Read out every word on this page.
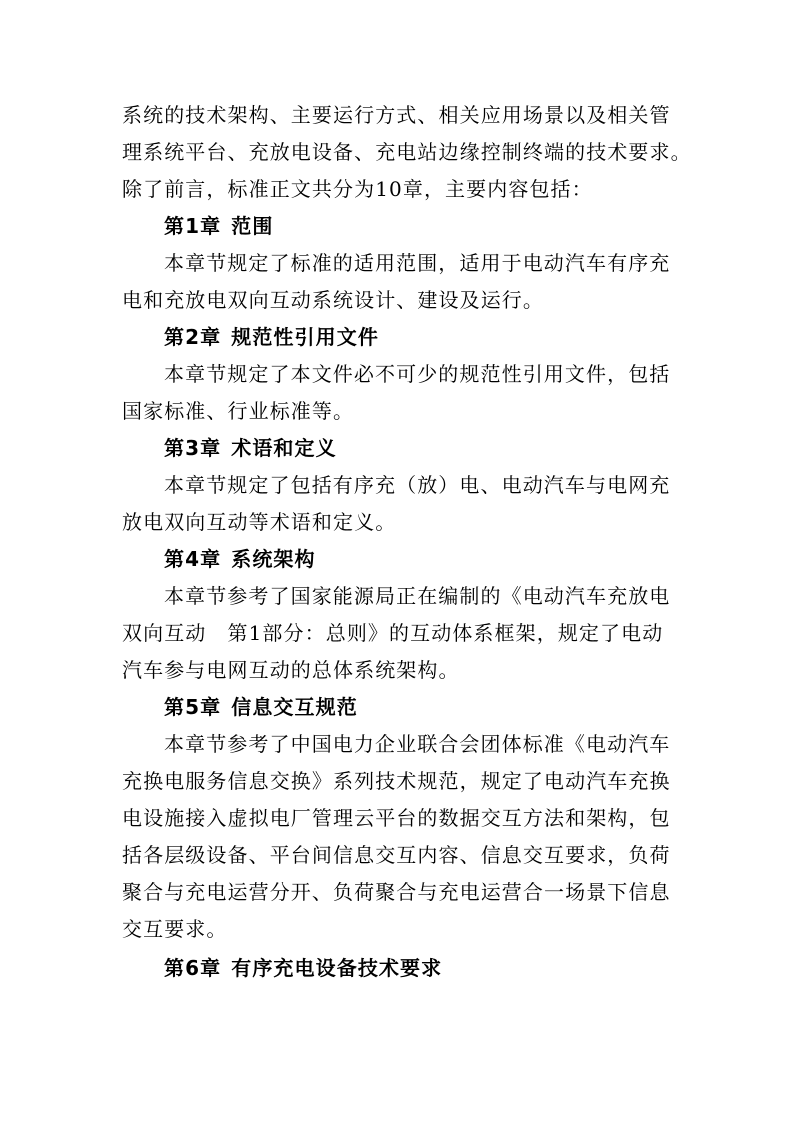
系统的技术架构、主要运行方式、相关应用场景以及相关管
理系统平台、充放电设备、充电站边缘控制终端的技术要求。
除了前言，标准正文共分为10章，主要内容包括：

第1章 范围

本章节规定了标准的适用范围，适用于电动汽车有序充
电和充放电双向互动系统设计、建设及运行。

第2章 规范性引用文件

本章节规定了本文件必不可少的规范性引用文件，包括
国家标准、行业标准等。

第3章 术语和定义

本章节规定了包括有序充（放）电、电动汽车与电网充
放电双向互动等术语和定义。

第4章 系统架构

本章节参考了国家能源局正在编制的《电动汽车充放电
双向互动　第1部分：总则》的互动体系框架，规定了电动
汽车参与电网互动的总体系统架构。

第5章 信息交互规范

本章节参考了中国电力企业联合会团体标准《电动汽车
充换电服务信息交换》系列技术规范，规定了电动汽车充换
电设施接入虚拟电厂管理云平台的数据交互方法和架构，包
括各层级设备、平台间信息交互内容、信息交互要求，负荷
聚合与充电运营分开、负荷聚合与充电运营合一场景下信息
交互要求。

第6章 有序充电设备技术要求
